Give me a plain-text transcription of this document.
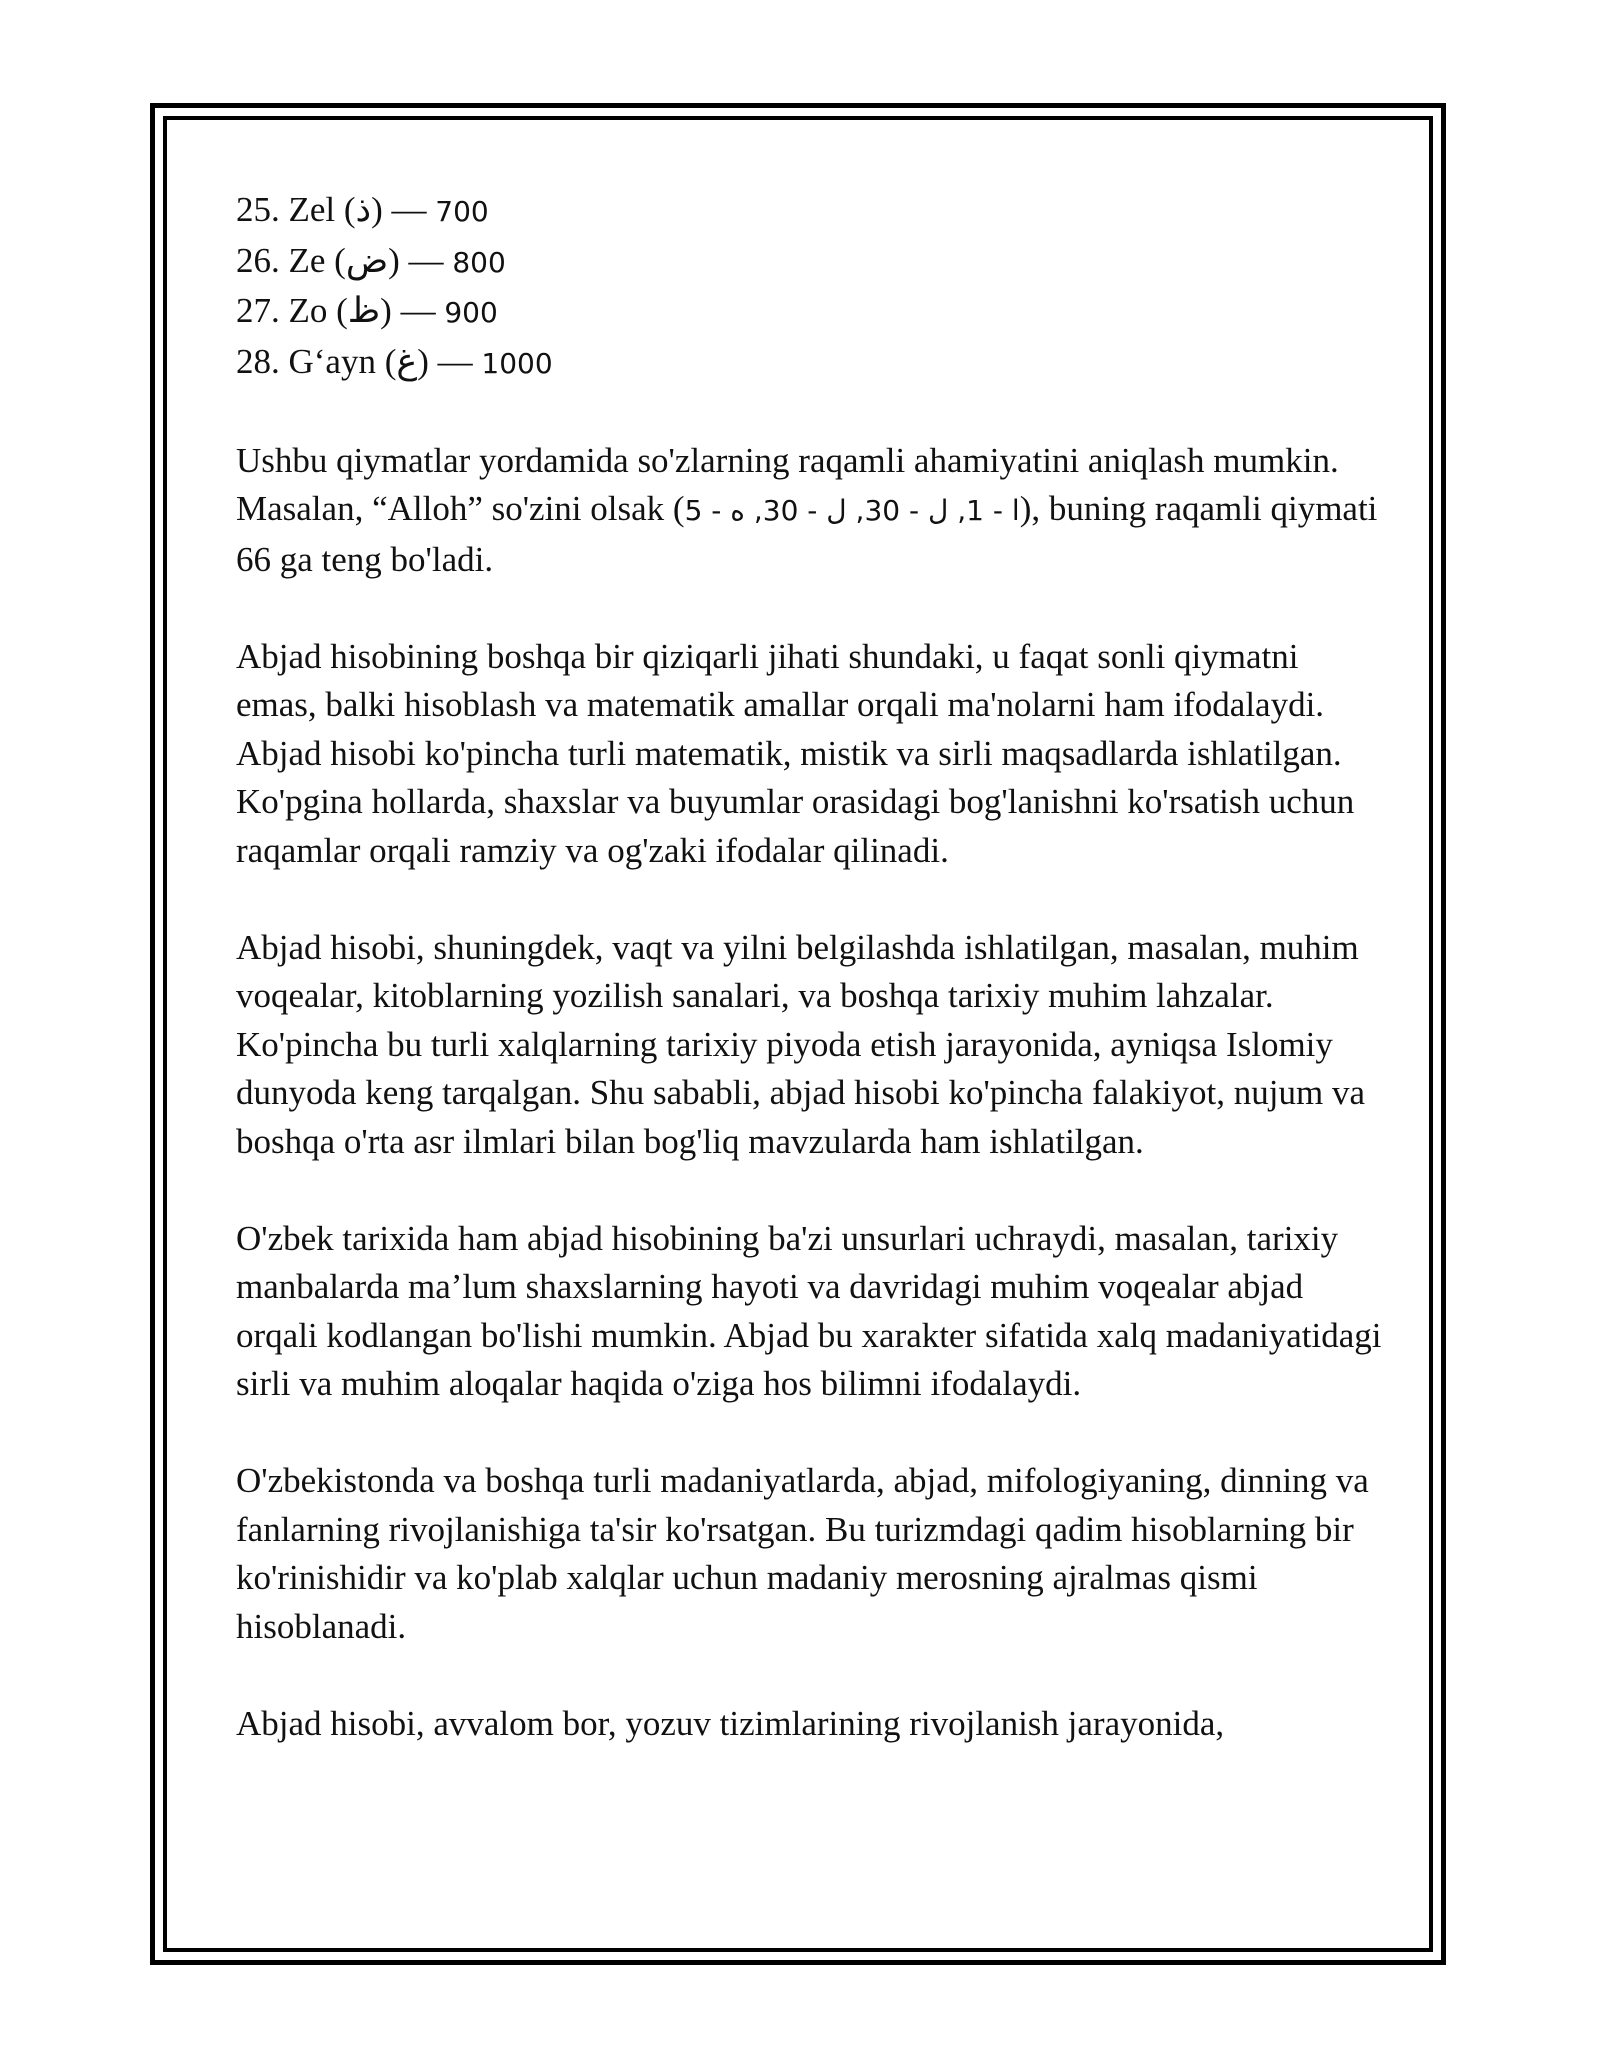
25. Zel (ذ) — 700
26. Ze (ض) — 800
27. Zo (ظ) — 900
28. G‘ayn (غ) — 1000

Ushbu qiymatlar yordamida so'zlarning raqamli ahamiyatini aniqlash mumkin. Masalan, “Alloh” so'zini olsak (ا - 1, ل - 30, ل - 30, ه - 5), buning raqamli qiymati 66 ga teng bo'ladi.

Abjad hisobining boshqa bir qiziqarli jihati shundaki, u faqat sonli qiymatni emas, balki hisoblash va matematik amallar orqali ma'nolarni ham ifodalaydi. Abjad hisobi ko'pincha turli matematik, mistik va sirli maqsadlarda ishlatilgan. Ko'pgina hollarda, shaxslar va buyumlar orasidagi bog'lanishni ko'rsatish uchun raqamlar orqali ramziy va og'zaki ifodalar qilinadi.

Abjad hisobi, shuningdek, vaqt va yilni belgilashda ishlatilgan, masalan, muhim voqealar, kitoblarning yozilish sanalari, va boshqa tarixiy muhim lahzalar. Ko'pincha bu turli xalqlarning tarixiy piyoda etish jarayonida, ayniqsa Islomiy dunyoda keng tarqalgan. Shu sababli, abjad hisobi ko'pincha falakiyot, nujum va boshqa o'rta asr ilmlari bilan bog'liq mavzularda ham ishlatilgan.

O'zbek tarixida ham abjad hisobining ba'zi unsurlari uchraydi, masalan, tarixiy manbalarda ma’lum shaxslarning hayoti va davridagi muhim voqealar abjad orqali kodlangan bo'lishi mumkin. Abjad bu xarakter sifatida xalq madaniyatidagi sirli va muhim aloqalar haqida o'ziga hos bilimni ifodalaydi.

O'zbekistonda va boshqa turli madaniyatlarda, abjad, mifologiyaning, dinning va fanlarning rivojlanishiga ta'sir ko'rsatgan. Bu turizmdagi qadim hisoblarning bir ko'rinishidir va ko'plab xalqlar uchun madaniy merosning ajralmas qismi hisoblanadi.

Abjad hisobi, avvalom bor, yozuv tizimlarining rivojlanish jarayonida,
